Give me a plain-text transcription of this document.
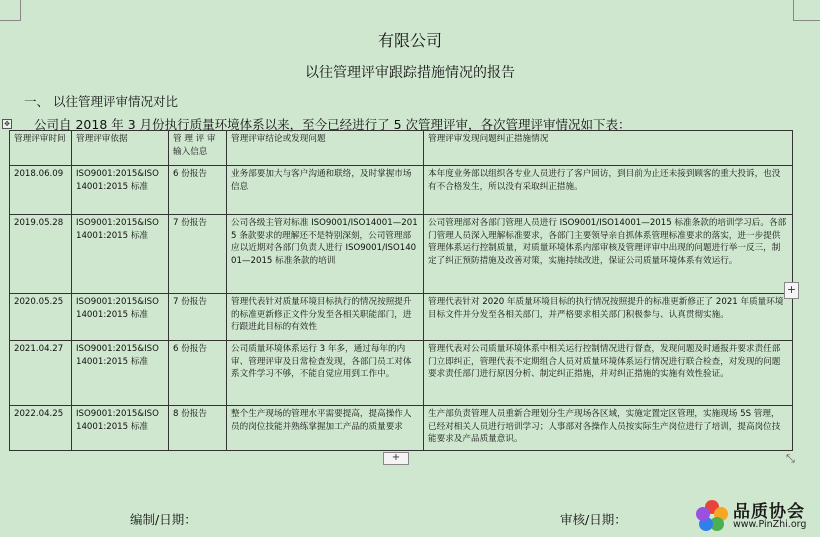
有限公司
以往管理评审跟踪措施情况的报告
一、 以往管理评审情况对比
公司自 2018 年 3 月份执行质量环境体系以来，至今已经进行了 5 次管理评审，各次管理评审情况如下表：
✥
管理评审时间	管理评审依据	管 理 评 审输入信息	管理评审结论或发现问题	管理评审发现问题纠正措施情况
2018.06.09	ISO9001:2015&ISO14001:2015 标准	6 份报告	业务部要加大与客户沟通和联络，及时掌握市场信息	本年度业务部以组织各专业人员进行了客户回访，到目前为止还未接到顾客的重大投诉，也没有不合格发生，所以没有采取纠正措施。
2019.05.28	ISO9001:2015&ISO14001:2015 标准	7 份报告	公司各级主管对标准 ISO9001/ISO14001—2015 条款要求的理解还不是特别深刻，公司管理部应以近期对各部门负责人进行 ISO9001/ISO14001—2015 标准条款的培训	公司管理部对各部门管理人员进行 ISO9001/ISO14001—2015 标准条款的培训学习后。各部门管理人员深入理解标准要求，各部门主要领导亲自抓体系管理标准要求的落实，进一步提供管理体系运行控制质量，对质量环境体系内部审核及管理评审中出现的问题进行举一反三，制定了纠正预防措施及改善对策，实施持续改进，保证公司质量环境体系有效运行。
2020.05.25	ISO9001:2015&ISO14001:2015 标准	7 份报告	管理代表针对质量环境目标执行的情况按照提升的标准更新修正文件分发至各相关职能部门，进行跟进此目标的有效性	管理代表针对 2020 年质量环境目标的执行情况按照提升的标准更新修正了 2021 年质量环境目标文件并分发至各相关部门，并严格要求相关部门积极参与、认真贯彻实施。
2021.04.27	ISO9001:2015&ISO14001:2015 标准	6 份报告	公司质量环境体系运行 3 年多，通过每年的内审、管理评审及日常检查发现，各部门员工对体系文件学习不够，不能自觉应用到工作中。	管理代表对公司质量环境体系中相关运行控制情况进行督查，发现问题及时通报并要求责任部门立即纠正，管理代表不定期组合人员对质量环境体系运行情况进行联合检查，对发现的问题要求责任部门进行原因分析、制定纠正措施，并对纠正措施的实施有效性验证。
2022.04.25	ISO9001:2015&ISO14001:2015 标准	8 份报告	整个生产现场的管理水平需要提高，提高操作人员的岗位技能并熟练掌握加工产品的质量要求	生产部负责管理人员重新合理划分生产现场各区域，实施定置定区管理，实施现场 5S 管理，已经对相关人员进行培训学习；人事部对各操作人员按实际生产岗位进行了培训，提高岗位技能要求及产品质量意识。
+
+	⤡
编制/日期：	审核/日期：	品质协会
www.PinZhi.org
